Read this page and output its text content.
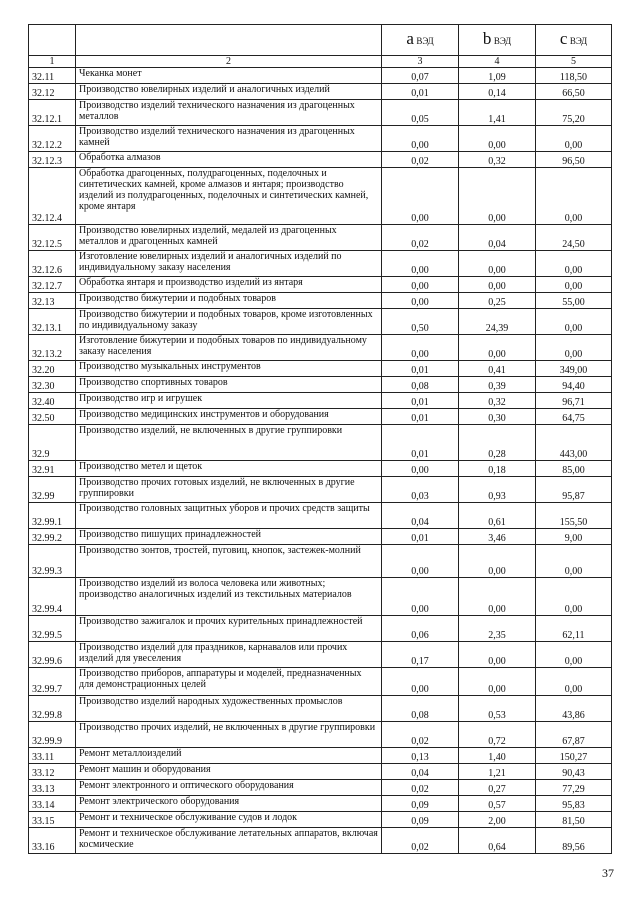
		a ВЭД	b ВЭД	c ВЭД
1	2	3	4	5
32.11	Чеканка монет	0,07	1,09	118,50
32.12	Производство ювелирных изделий и аналогичных изделий	0,01	0,14	66,50
32.12.1	Производство изделий технического назначения из драгоценных металлов	0,05	1,41	75,20
32.12.2	Производство изделий технического назначения из драгоценных камней	0,00	0,00	0,00
32.12.3	Обработка алмазов	0,02	0,32	96,50
32.12.4	Обработка драгоценных, полудрагоценных, поделочных и синтетических камней, кроме алмазов и янтаря; производство изделий из полудрагоценных, поделочных и синтетических камней, кроме янтаря	0,00	0,00	0,00
32.12.5	Производство ювелирных изделий, медалей из драгоценных металлов и драгоценных камней	0,02	0,04	24,50
32.12.6	Изготовление ювелирных изделий и аналогичных изделий по индивидуальному заказу населения	0,00	0,00	0,00
32.12.7	Обработка янтаря и производство изделий из янтаря	0,00	0,00	0,00
32.13	Производство бижутерии и подобных товаров	0,00	0,25	55,00
32.13.1	Производство бижутерии и подобных товаров, кроме изготовленных по индивидуальному заказу	0,50	24,39	0,00
32.13.2	Изготовление бижутерии и подобных товаров по индивидуальному заказу населения	0,00	0,00	0,00
32.20	Производство музыкальных инструментов	0,01	0,41	349,00
32.30	Производство спортивных товаров	0,08	0,39	94,40
32.40	Производство игр и игрушек	0,01	0,32	96,71
32.50	Производство медицинских инструментов и оборудования	0,01	0,30	64,75
32.9	Производство изделий, не включенных в другие группировки	0,01	0,28	443,00
32.91	Производство метел и щеток	0,00	0,18	85,00
32.99	Производство прочих готовых изделий, не включенных в другие группировки	0,03	0,93	95,87
32.99.1	Производство головных защитных уборов и прочих средств защиты	0,04	0,61	155,50
32.99.2	Производство пишущих принадлежностей	0,01	3,46	9,00
32.99.3	Производство зонтов, тростей, пуговиц, кнопок, застежек-молний	0,00	0,00	0,00
32.99.4	Производство изделий из волоса человека или животных; производство аналогичных изделий из текстильных материалов	0,00	0,00	0,00
32.99.5	Производство зажигалок и прочих курительных принадлежностей	0,06	2,35	62,11
32.99.6	Производство изделий для праздников, карнавалов или прочих изделий для увеселения	0,17	0,00	0,00
32.99.7	Производство приборов, аппаратуры и моделей, предназначенных для демонстрационных целей	0,00	0,00	0,00
32.99.8	Производство изделий народных художественных промыслов	0,08	0,53	43,86
32.99.9	Производство прочих изделий, не включенных в другие группировки	0,02	0,72	67,87
33.11	Ремонт металлоизделий	0,13	1,40	150,27
33.12	Ремонт машин и оборудования	0,04	1,21	90,43
33.13	Ремонт электронного и оптического оборудования	0,02	0,27	77,29
33.14	Ремонт электрического оборудования	0,09	0,57	95,83
33.15	Ремонт и техническое обслуживание судов и лодок	0,09	2,00	81,50
33.16	Ремонт и техническое обслуживание летательных аппаратов, включая космические	0,02	0,64	89,56
37
